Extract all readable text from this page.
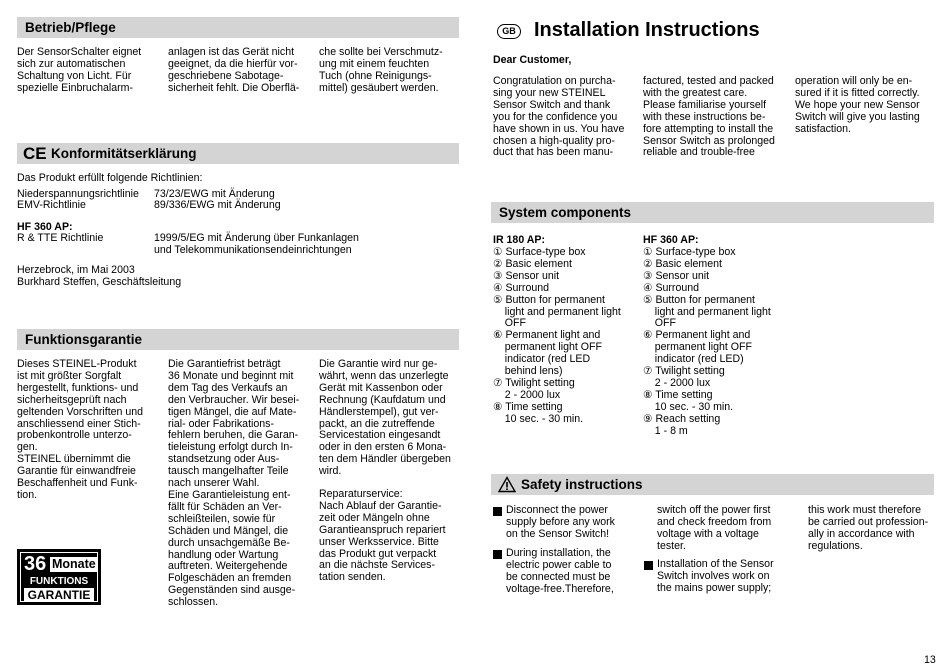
Betrieb/Pflege
Der SensorSchalter eignet
sich zur automatischen
Schaltung von Licht. Für
spezielle Einbruchalarm-
anlagen ist das Gerät nicht
geeignet, da die hierfür vor-
geschriebene Sabotage-
sicherheit fehlt. Die Oberflä-
che sollte bei Verschmutz-
ung mit einem feuchten
Tuch (ohne Reinigungs-
mittel) gesäubert werden.
CE Konformitätserklärung
Das Produkt erfüllt folgende Richtlinien:
Niederspannungsrichtlinie 73/23/EWG mit Änderung
EMV-Richtlinie	89/336/EWG mit Änderung
HF 360 AP:
R & TTE Richtlinie	1999/5/EG mit Änderung über Funkanlagen
und Telekommunikationsendeinrichtungen
Herzebrock, im Mai 2003
Burkhard Steffen, Geschäftsleitung
Funktionsgarantie
Dieses STEINEL-Produkt
ist mit größter Sorgfalt
hergestellt, funktions- und
sicherheitsgeprüft nach
geltenden Vorschriften und
anschliessend einer Stich-
probenkontrolle unterzo-
gen.
STEINEL übernimmt die
Garantie für einwandfreie
Beschaffenheit und Funk-
tion.
Die Garantiefrist beträgt
36 Monate und beginnt mit
dem Tag des Verkaufs an
den Verbraucher. Wir besei-
tigen Mängel, die auf Mate-
rial- oder Fabrikations-
fehlern beruhen, die Garan-
tieleistung erfolgt durch In-
standsetzung oder Aus-
tausch mangelhafter Teile
nach unserer Wahl.
Eine Garantieleistung ent-
fällt für Schäden an Ver-
schleißteilen, sowie für
Schäden und Mängel, die
durch unsachgemäße Be-
handlung oder Wartung
auftreten. Weitergehende
Folgeschäden an fremden
Gegenständen sind ausge-
schlossen.
Die Garantie wird nur ge-
währt, wenn das unzerlegte
Gerät mit Kassenbon oder
Rechnung (Kaufdatum und
Händlerstempel), gut ver-
packt, an die zutreffende
Servicestation eingesandt
oder in den ersten 6 Mona-
ten dem Händler übergeben
wird.
Reparaturservice:
Nach Ablauf der Garantie-
zeit oder Mängeln ohne
Garantieanspruch repariert
unser Werksservice. Bitte
das Produkt gut verpackt
an die nächste Services-
tation senden.
36 Monate
FUNKTIONS
GARANTIE
GB Installation Instructions
Dear Customer,
Congratulation on purcha-
sing your new STEINEL
Sensor Switch and thank
you for the confidence you
have shown in us. You have
chosen a high-quality pro-
duct that has been manu-
factured, tested and packed
with the greatest care.
Please familiarise yourself
with these instructions be-
fore attempting to install the
Sensor Switch as prolonged
reliable and trouble-free
operation will only be en-
sured if it is fitted correctly.
We hope your new Sensor
Switch will give you lasting
satisfaction.
System components
IR 180 AP:
① Surface-type box
② Basic element
③ Sensor unit
④ Surround
⑤ Button for permanent
light and permanent light
OFF
⑥ Permanent light and
permanent light OFF
indicator (red LED
behind lens)
⑦ Twilight setting
2 - 2000 lux
⑧ Time setting
10 sec. - 30 min.
HF 360 AP:
① Surface-type box
② Basic element
③ Sensor unit
④ Surround
⑤ Button for permanent
light and permanent light
OFF
⑥ Permanent light and
permanent light OFF
indicator (red LED)
⑦ Twilight setting
2 - 2000 lux
⑧ Time setting
10 sec. - 30 min.
⑨ Reach setting
1 - 8 m
Safety instructions
Disconnect the power
supply before any work
on the Sensor Switch!
During installation, the
electric power cable to
be connected must be
voltage-free.Therefore,
switch off the power first
and check freedom from
voltage with a voltage
tester.
Installation of the Sensor
Switch involves work on
the mains power supply;
this work must therefore
be carried out profession-
ally in accordance with
regulations.
13
